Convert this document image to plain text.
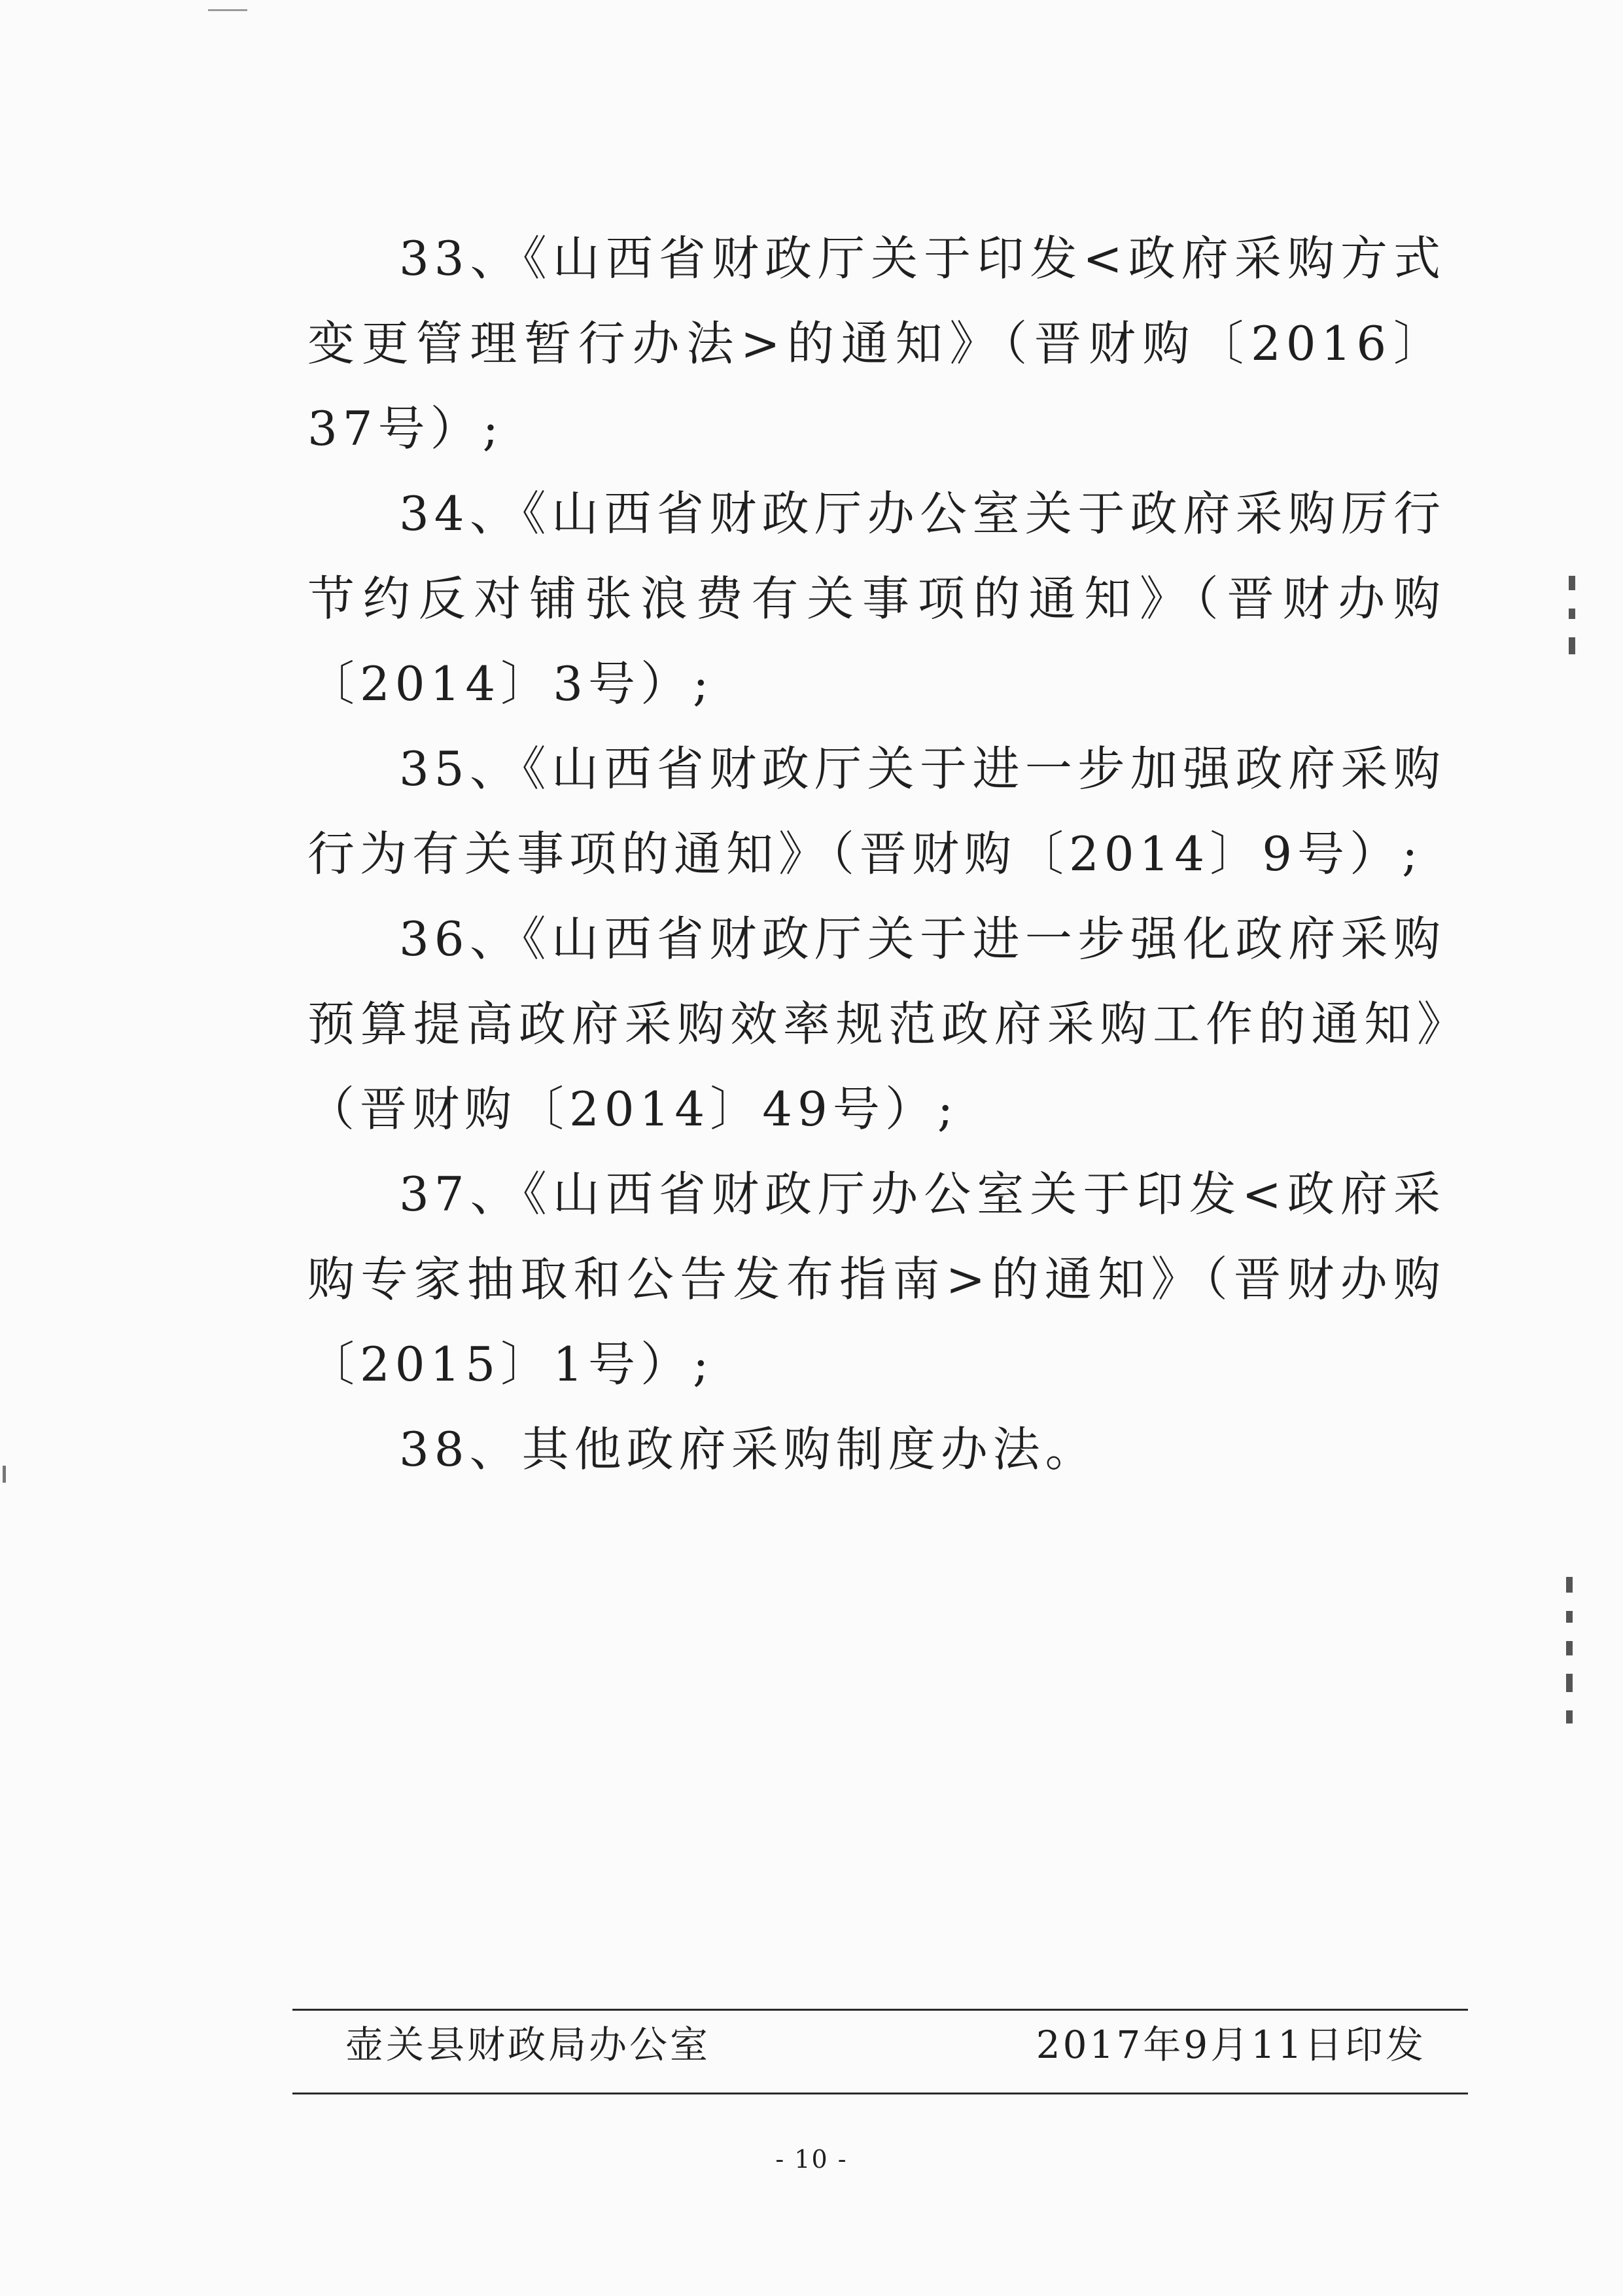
33、《山西省财政厅关于印发<政府采购方式变更管理暂行办法>的通知》（晋财购〔2016〕37号）;

34、《山西省财政厅办公室关于政府采购厉行节约反对铺张浪费有关事项的通知》（晋财办购〔2014〕3号）;

35、《山西省财政厅关于进一步加强政府采购行为有关事项的通知》（晋财购〔2014〕9号）;

36、《山西省财政厅关于进一步强化政府采购预算提高政府采购效率规范政府采购工作的通知》（晋财购〔2014〕49号）;

37、《山西省财政厅办公室关于印发<政府采购专家抽取和公告发布指南>的通知》（晋财办购〔2015〕1号）;

38、其他政府采购制度办法。

壶关县财政局办公室	2017年9月11日印发
- 10 -
